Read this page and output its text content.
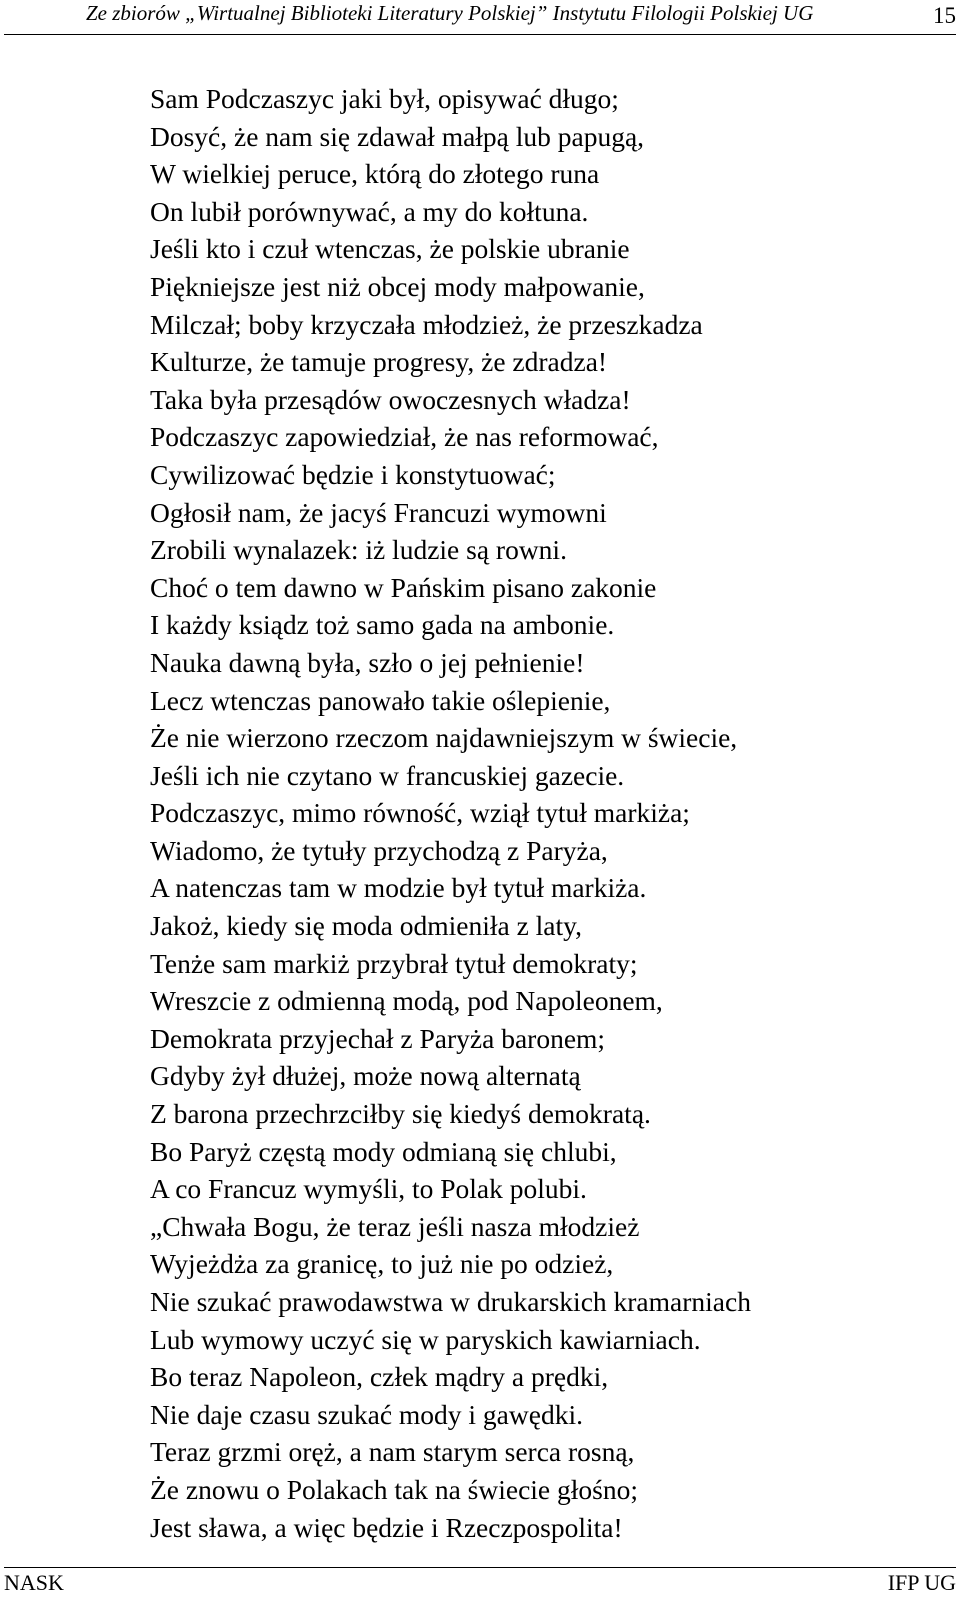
Ze zbiorów „Wirtualnej Biblioteki Literatury Polskiej” Instytutu Filologii Polskiej UG	15
Sam Podczaszyc jaki był, opisywać długo;
Dosyć, że nam się zdawał małpą lub papugą,
W wielkiej peruce, którą do złotego runa
On lubił porównywać, a my do kołtuna.
Jeśli kto i czuł wtenczas, że polskie ubranie
Piękniejsze jest niż obcej mody małpowanie,
Milczał; boby krzyczała młodzież, że przeszkadza
Kulturze, że tamuje progresy, że zdradza!
Taka była przesądów owoczesnych władza!
Podczaszyc zapowiedział, że nas reformować,
Cywilizować będzie i konstytuować;
Ogłosił nam, że jacyś Francuzi wymowni
Zrobili wynalazek: iż ludzie są rowni.
Choć o tem dawno w Pańskim pisano zakonie
I każdy ksiądz toż samo gada na ambonie.
Nauka dawną była, szło o jej pełnienie!
Lecz wtenczas panowało takie oślepienie,
Że nie wierzono rzeczom najdawniejszym w świecie,
Jeśli ich nie czytano w francuskiej gazecie.
Podczaszyc, mimo równość, wziął tytuł markiża;
Wiadomo, że tytuły przychodzą z Paryża,
A natenczas tam w modzie był tytuł markiża.
Jakoż, kiedy się moda odmieniła z laty,
Tenże sam markiż przybrał tytuł demokraty;
Wreszcie z odmienną modą, pod Napoleonem,
Demokrata przyjechał z Paryża baronem;
Gdyby żył dłużej, może nową alternatą
Z barona przechrzciłby się kiedyś demokratą.
Bo Paryż częstą mody odmianą się chlubi,
A co Francuz wymyśli, to Polak polubi.
„Chwała Bogu, że teraz jeśli nasza młodzież
Wyjeżdża za granicę, to już nie po odzież,
Nie szukać prawodawstwa w drukarskich kramarniach
Lub wymowy uczyć się w paryskich kawiarniach.
Bo teraz Napoleon, człek mądry a prędki,
Nie daje czasu szukać mody i gawędki.
Teraz grzmi oręż, a nam starym serca rosną,
Że znowu o Polakach tak na świecie głośno;
Jest sława, a więc będzie i Rzeczpospolita!
NASK	IFP UG
